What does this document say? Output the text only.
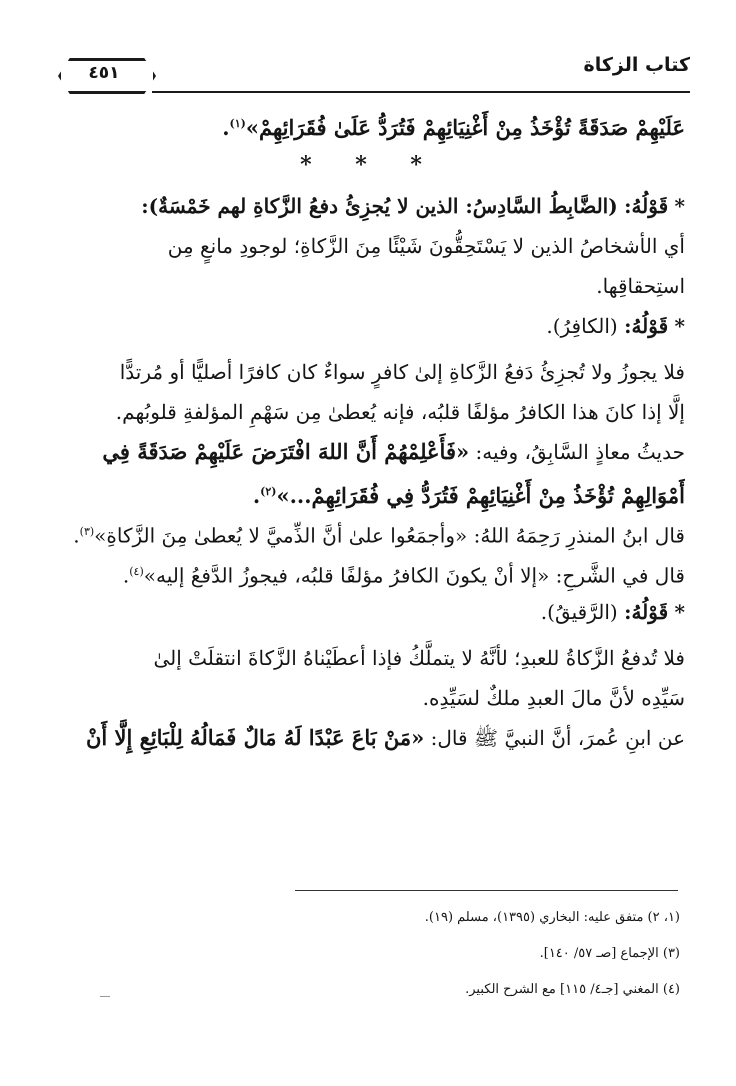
٤٥١	كتاب الزكاة
عَلَيْهِمْ صَدَقَةً تُؤْخَذُ مِنْ أَغْنِيَائِهِمْ فَتُرَدُّ عَلَىٰ فُقَرَائِهِمْ»$^{(١)}$.
* * *
* قَوْلُهُ: (الضَّابِطُ السَّادِسُ: الذين لا يُجزِئُ دفعُ الزَّكاةِ لهم خَمْسَةٌ):
أي الأشخاصُ الذين لا يَسْتَحِقُّونَ شَيْئًا مِنَ الزَّكاةِ؛ لوجودِ مانعٍ مِن
استِحقاقِها.
* قَوْلُهُ: (الكافِرُ).
فلا يجوزُ ولا تُجزِئُ دَفعُ الزَّكاةِ إلىٰ كافرٍ سواءٌ كان كافرًا أصليًّا أو مُرتدًّا
إلَّا إذا كانَ هذا الكافرُ مؤلفًا قلبُه، فإنه يُعطىٰ مِن سَهْمِ المؤلفةِ قلوبُهم.
حديثُ معاذٍ السَّابِقُ، وفيه: «فَأَعْلِمْهُمْ أَنَّ اللهَ افْتَرَضَ عَلَيْهِمْ صَدَقَةً فِي
أَمْوَالِهِمْ تُؤْخَذُ مِنْ أَغْنِيَائِهِمْ فَتُرَدُّ فِي فُقَرَائِهِمْ...»$^{(٢)}$.
قال ابنُ المنذرِ رَحِمَهُ اللهُ: «وأجمَعُوا علىٰ أنَّ الذِّميَّ لا يُعطىٰ مِنَ الزَّكاةِ»$^{(٣)}$.
قال في الشَّرحِ: «إلا أنْ يكونَ الكافرُ مؤلفًا قلبُه، فيجوزُ الدَّفعُ إليه»$^{(٤)}$.
* قَوْلُهُ: (الرَّقيقُ).
فلا تُدفعُ الزَّكاةُ للعبدِ؛ لأنَّهُ لا يتملَّكُ فإذا أعطَيْناهُ الزَّكاةَ انتقلَتْ إلىٰ
سَيِّدِه لأنَّ مالَ العبدِ ملكٌ لسَيِّدِه.
عن ابنِ عُمرَ، أنَّ النبيَّ ﷺ قال: «مَنْ بَاعَ عَبْدًا لَهُ مَالٌ فَمَالُهُ لِلْبَائِعِ إِلَّا أَنْ
(١، ٢) متفق عليه: البخاري (١٣٩٥)، مسلم (١٩).
(٣) الإجماع [صـ ٥٧/ ١٤٠].
(٤) المغني [جـ٤/ ١١٥] مع الشرح الكبير.
